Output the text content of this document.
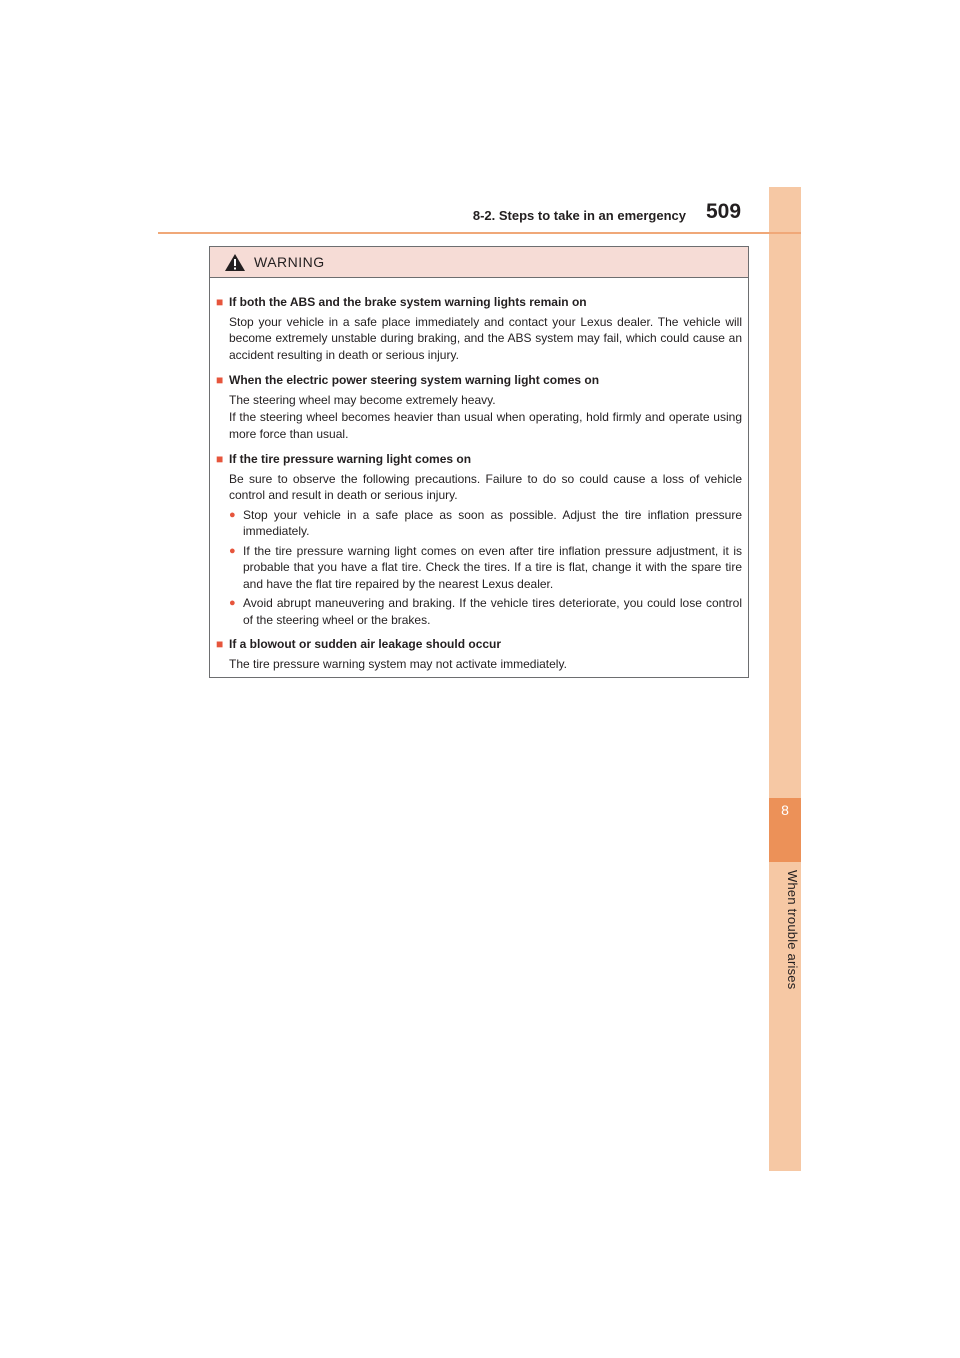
8
When trouble arises
8-2. Steps to take in an emergency 509
WARNING
■ If both the ABS and the brake system warning lights remain on

Stop your vehicle in a safe place immediately and contact your Lexus dealer. The vehicle will become extremely unstable during braking, and the ABS system may fail, which could cause an accident resulting in death or serious injury.

■ When the electric power steering system warning light comes on

The steering wheel may become extremely heavy.

If the steering wheel becomes heavier than usual when operating, hold firmly and operate using more force than usual.

■ If the tire pressure warning light comes on

Be sure to observe the following precautions. Failure to do so could cause a loss of vehicle control and result in death or serious injury.

● Stop your vehicle in a safe place as soon as possible. Adjust the tire inflation pressure immediately.
● If the tire pressure warning light comes on even after tire inflation pressure adjustment, it is probable that you have a flat tire. Check the tires. If a tire is flat, change it with the spare tire and have the flat tire repaired by the nearest Lexus dealer.
● Avoid abrupt maneuvering and braking. If the vehicle tires deteriorate, you could lose control of the steering wheel or the brakes.
■ If a blowout or sudden air leakage should occur

The tire pressure warning system may not activate immediately.
